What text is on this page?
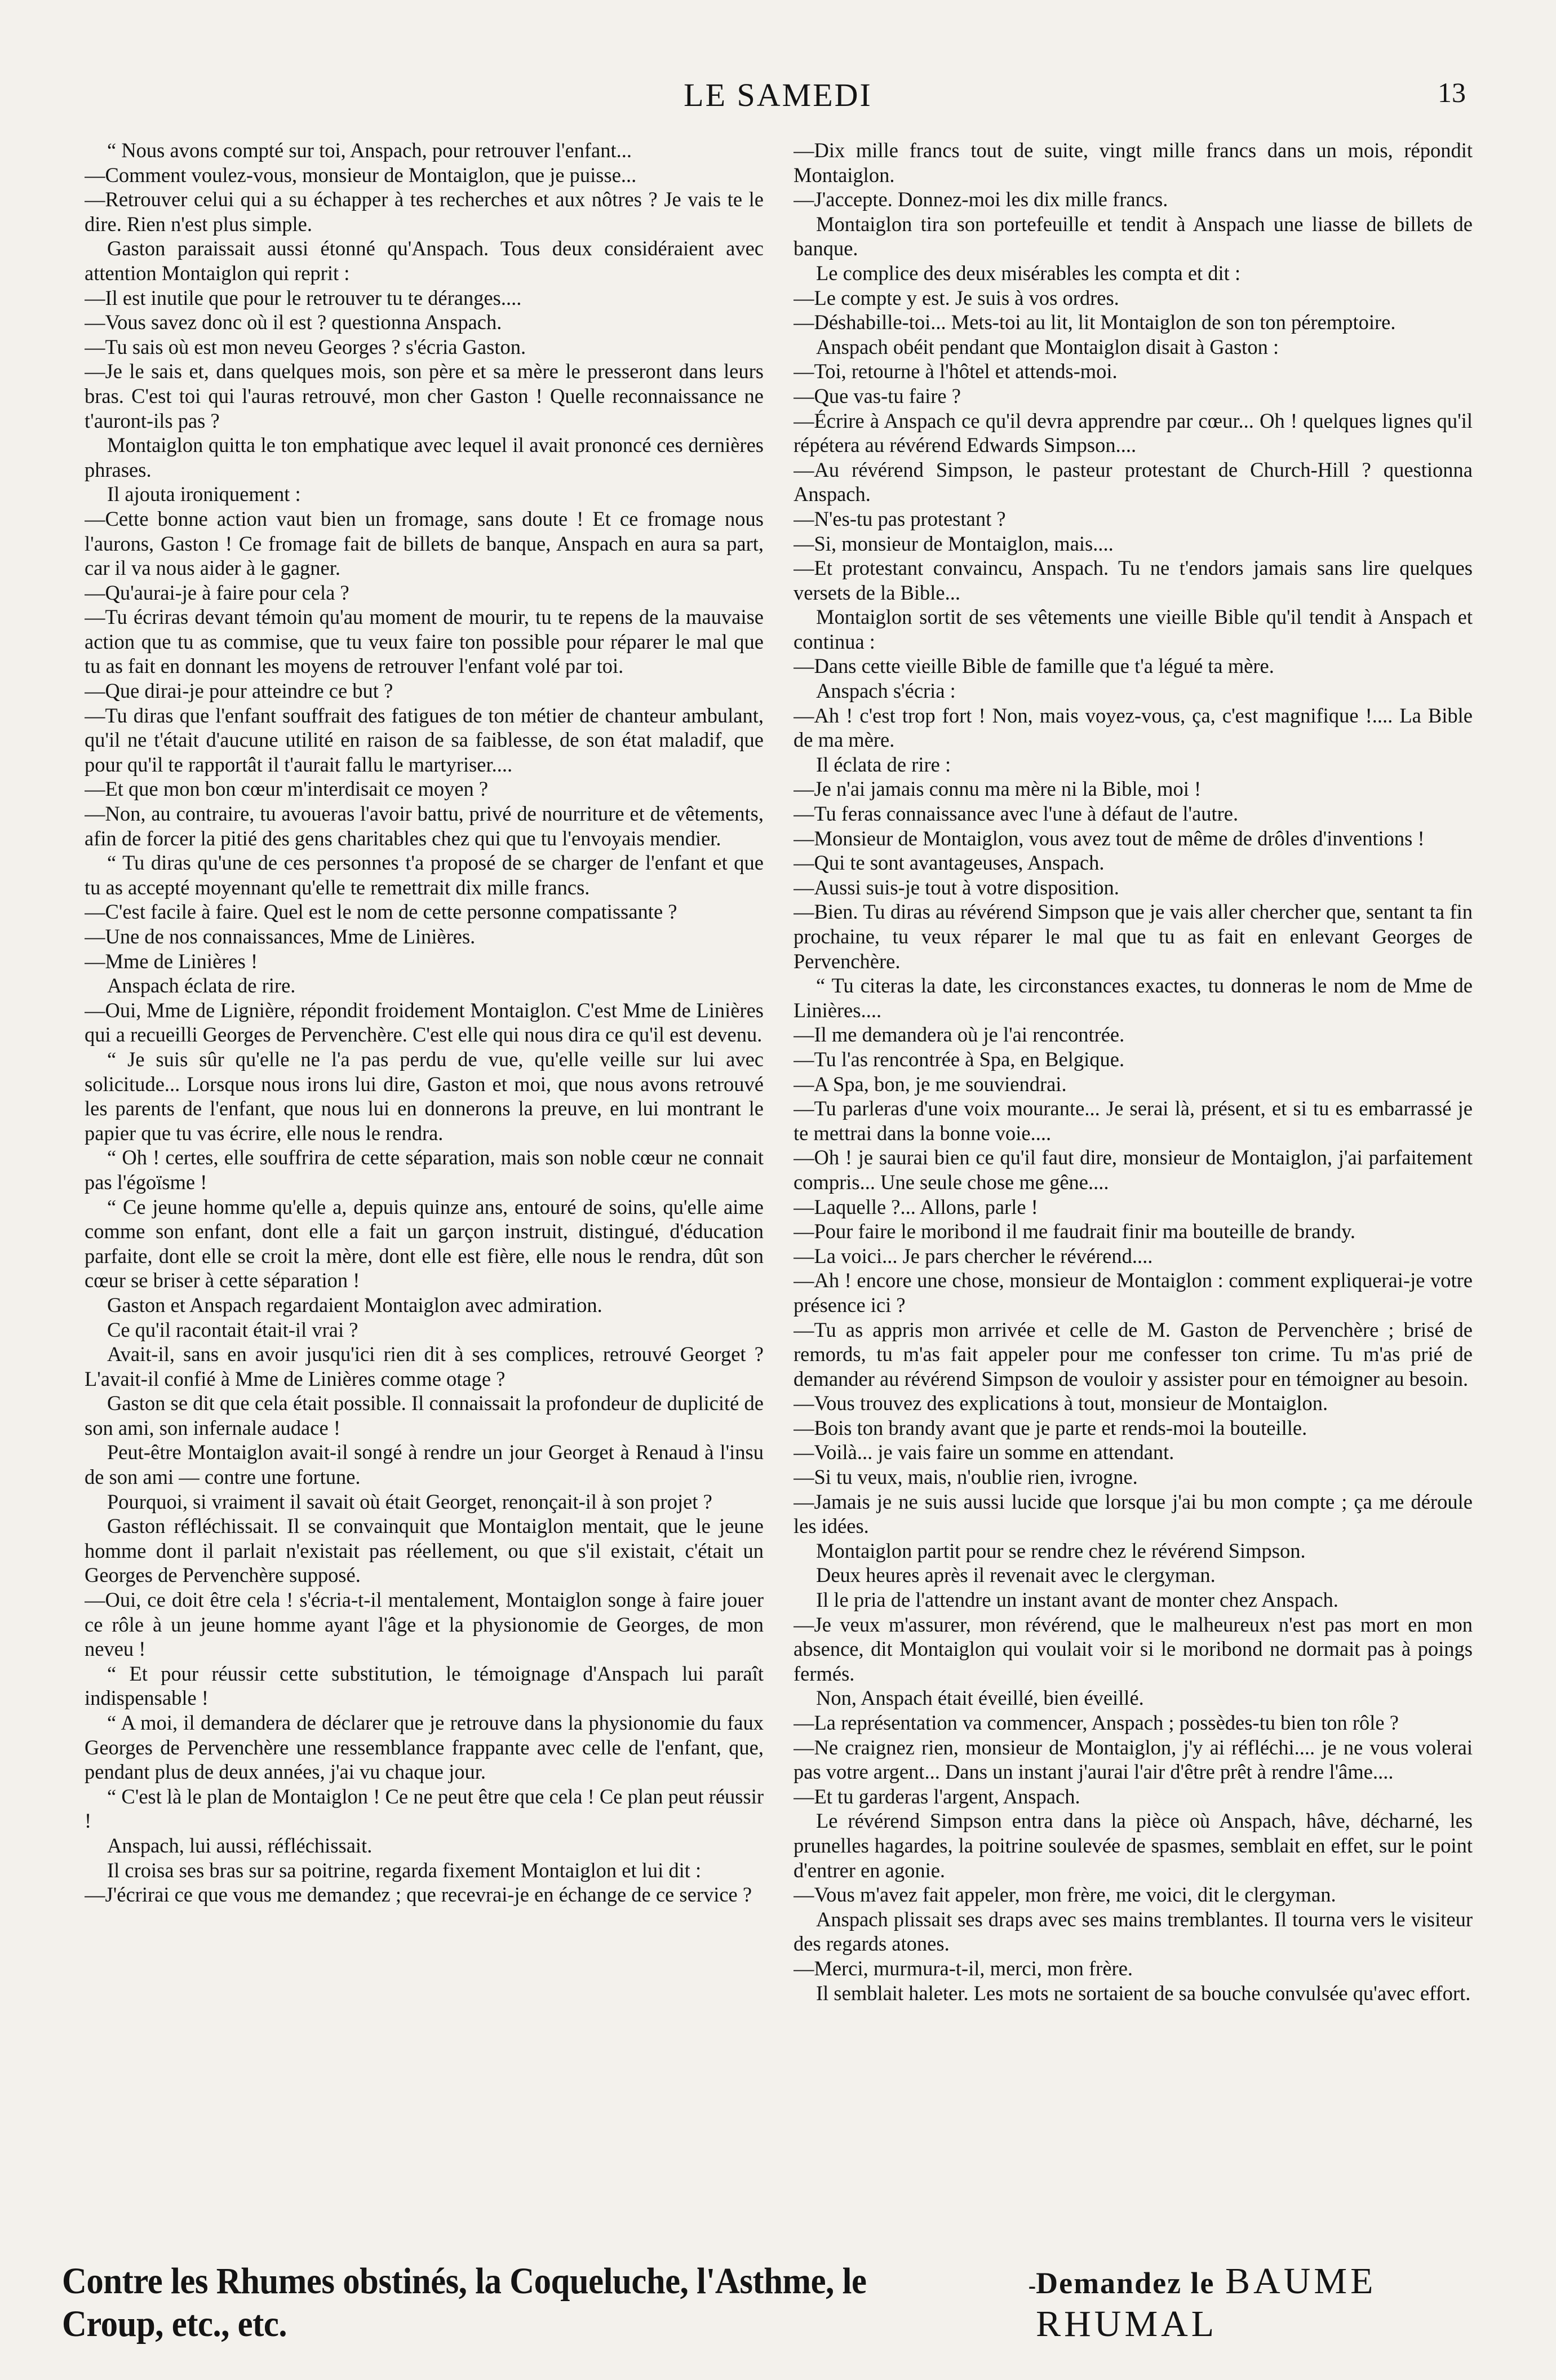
LE SAMEDI	13

“ Nous avons compté sur toi, Anspach, pour retrouver l'enfant...

—Comment voulez-vous, monsieur de Montaiglon, que je puisse...

—Retrouver celui qui a su échapper à tes recherches et aux nôtres ? Je vais te le dire. Rien n'est plus simple.

Gaston paraissait aussi étonné qu'Anspach. Tous deux considéraient avec attention Montaiglon qui reprit :

—Il est inutile que pour le retrouver tu te déranges....

—Vous savez donc où il est ? questionna Anspach.

—Tu sais où est mon neveu Georges ? s'écria Gaston.

—Je le sais et, dans quelques mois, son père et sa mère le presseront dans leurs bras. C'est toi qui l'auras retrouvé, mon cher Gaston ! Quelle reconnaissance ne t'auront-ils pas ?

Montaiglon quitta le ton emphatique avec lequel il avait prononcé ces dernières phrases.

Il ajouta ironiquement :

—Cette bonne action vaut bien un fromage, sans doute ! Et ce fromage nous l'aurons, Gaston ! Ce fromage fait de billets de banque, Anspach en aura sa part, car il va nous aider à le gagner.

—Qu'aurai-je à faire pour cela ?

—Tu écriras devant témoin qu'au moment de mourir, tu te repens de la mauvaise action que tu as commise, que tu veux faire ton possible pour réparer le mal que tu as fait en donnant les moyens de retrouver l'enfant volé par toi.

—Que dirai-je pour atteindre ce but ?

—Tu diras que l'enfant souffrait des fatigues de ton métier de chanteur ambulant, qu'il ne t'était d'aucune utilité en raison de sa faiblesse, de son état maladif, que pour qu'il te rapportât il t'aurait fallu le martyriser....

—Et que mon bon cœur m'interdisait ce moyen ?

—Non, au contraire, tu avoueras l'avoir battu, privé de nourriture et de vêtements, afin de forcer la pitié des gens charitables chez qui que tu l'envoyais mendier.

“ Tu diras qu'une de ces personnes t'a proposé de se charger de l'enfant et que tu as accepté moyennant qu'elle te remettrait dix mille francs.

—C'est facile à faire. Quel est le nom de cette personne compatissante ?

—Une de nos connaissances, Mme de Linières.

—Mme de Linières !

Anspach éclata de rire.

—Oui, Mme de Lignière, répondit froidement Montaiglon. C'est Mme de Linières qui a recueilli Georges de Pervenchère. C'est elle qui nous dira ce qu'il est devenu.

“ Je suis sûr qu'elle ne l'a pas perdu de vue, qu'elle veille sur lui avec solicitude... Lorsque nous irons lui dire, Gaston et moi, que nous avons retrouvé les parents de l'enfant, que nous lui en donnerons la preuve, en lui montrant le papier que tu vas écrire, elle nous le rendra.

“ Oh ! certes, elle souffrira de cette séparation, mais son noble cœur ne connait pas l'égoïsme !

“ Ce jeune homme qu'elle a, depuis quinze ans, entouré de soins, qu'elle aime comme son enfant, dont elle a fait un garçon instruit, distingué, d'éducation parfaite, dont elle se croit la mère, dont elle est fière, elle nous le rendra, dût son cœur se briser à cette séparation !

Gaston et Anspach regardaient Montaiglon avec admiration.

Ce qu'il racontait était-il vrai ?

Avait-il, sans en avoir jusqu'ici rien dit à ses complices, retrouvé Georget ? L'avait-il confié à Mme de Linières comme otage ?

Gaston se dit que cela était possible. Il connaissait la profondeur de duplicité de son ami, son infernale audace !

Peut-être Montaiglon avait-il songé à rendre un jour Georget à Renaud à l'insu de son ami — contre une fortune.

Pourquoi, si vraiment il savait où était Georget, renonçait-il à son projet ?

Gaston réfléchissait. Il se convainquit que Montaiglon mentait, que le jeune homme dont il parlait n'existait pas réellement, ou que s'il existait, c'était un Georges de Pervenchère supposé.

—Oui, ce doit être cela ! s'écria-t-il mentalement, Montaiglon songe à faire jouer ce rôle à un jeune homme ayant l'âge et la physionomie de Georges, de mon neveu !

“ Et pour réussir cette substitution, le témoignage d'Anspach lui paraît indispensable !

“ A moi, il demandera de déclarer que je retrouve dans la physionomie du faux Georges de Pervenchère une ressemblance frappante avec celle de l'enfant, que, pendant plus de deux années, j'ai vu chaque jour.

“ C'est là le plan de Montaiglon ! Ce ne peut être que cela ! Ce plan peut réussir !

Anspach, lui aussi, réfléchissait.

Il croisa ses bras sur sa poitrine, regarda fixement Montaiglon et lui dit :

—J'écrirai ce que vous me demandez ; que recevrai-je en échange de ce service ?

—Dix mille francs tout de suite, vingt mille francs dans un mois, répondit Montaiglon.

—J'accepte. Donnez-moi les dix mille francs.

Montaiglon tira son portefeuille et tendit à Anspach une liasse de billets de banque.

Le complice des deux misérables les compta et dit :

—Le compte y est. Je suis à vos ordres.

—Déshabille-toi... Mets-toi au lit, lit Montaiglon de son ton péremptoire.

Anspach obéit pendant que Montaiglon disait à Gaston :

—Toi, retourne à l'hôtel et attends-moi.

—Que vas-tu faire ?

—Écrire à Anspach ce qu'il devra apprendre par cœur... Oh ! quelques lignes qu'il répétera au révérend Edwards Simpson....

—Au révérend Simpson, le pasteur protestant de Church-Hill ? questionna Anspach.

—N'es-tu pas protestant ?

—Si, monsieur de Montaiglon, mais....

—Et protestant convaincu, Anspach. Tu ne t'endors jamais sans lire quelques versets de la Bible...

Montaiglon sortit de ses vêtements une vieille Bible qu'il tendit à Anspach et continua :

—Dans cette vieille Bible de famille que t'a légué ta mère.

Anspach s'écria :

—Ah ! c'est trop fort ! Non, mais voyez-vous, ça, c'est magnifique !.... La Bible de ma mère.

Il éclata de rire :

—Je n'ai jamais connu ma mère ni la Bible, moi !

—Tu feras connaissance avec l'une à défaut de l'autre.

—Monsieur de Montaiglon, vous avez tout de même de drôles d'inventions !

—Qui te sont avantageuses, Anspach.

—Aussi suis-je tout à votre disposition.

—Bien. Tu diras au révérend Simpson que je vais aller chercher que, sentant ta fin prochaine, tu veux réparer le mal que tu as fait en enlevant Georges de Pervenchère.

“ Tu citeras la date, les circonstances exactes, tu donneras le nom de Mme de Linières....

—Il me demandera où je l'ai rencontrée.

—Tu l'as rencontrée à Spa, en Belgique.

—A Spa, bon, je me souviendrai.

—Tu parleras d'une voix mourante... Je serai là, présent, et si tu es embarrassé je te mettrai dans la bonne voie....

—Oh ! je saurai bien ce qu'il faut dire, monsieur de Montaiglon, j'ai parfaitement compris... Une seule chose me gêne....

—Laquelle ?... Allons, parle !

—Pour faire le moribond il me faudrait finir ma bouteille de brandy.

—La voici... Je pars chercher le révérend....

—Ah ! encore une chose, monsieur de Montaiglon : comment expliquerai-je votre présence ici ?

—Tu as appris mon arrivée et celle de M. Gaston de Pervenchère ; brisé de remords, tu m'as fait appeler pour me confesser ton crime. Tu m'as prié de demander au révérend Simpson de vouloir y assister pour en témoigner au besoin.

—Vous trouvez des explications à tout, monsieur de Montaiglon.

—Bois ton brandy avant que je parte et rends-moi la bouteille.

—Voilà... je vais faire un somme en attendant.

—Si tu veux, mais, n'oublie rien, ivrogne.

—Jamais je ne suis aussi lucide que lorsque j'ai bu mon compte ; ça me déroule les idées.

Montaiglon partit pour se rendre chez le révérend Simpson.

Deux heures après il revenait avec le clergyman.

Il le pria de l'attendre un instant avant de monter chez Anspach.

—Je veux m'assurer, mon révérend, que le malheureux n'est pas mort en mon absence, dit Montaiglon qui voulait voir si le moribond ne dormait pas à poings fermés.

Non, Anspach était éveillé, bien éveillé.

—La représentation va commencer, Anspach ; possèdes-tu bien ton rôle ?

—Ne craignez rien, monsieur de Montaiglon, j'y ai réfléchi.... je ne vous volerai pas votre argent... Dans un instant j'aurai l'air d'être prêt à rendre l'âme....

—Et tu garderas l'argent, Anspach.

Le révérend Simpson entra dans la pièce où Anspach, hâve, décharné, les prunelles hagardes, la poitrine soulevée de spasmes, semblait en effet, sur le point d'entrer en agonie.

—Vous m'avez fait appeler, mon frère, me voici, dit le clergyman.

Anspach plissait ses draps avec ses mains tremblantes. Il tourna vers le visiteur des regards atones.

—Merci, murmura-t-il, merci, mon frère.

Il semblait haleter. Les mots ne sortaient de sa bouche convulsée qu'avec effort.

Contre les Rhumes obstinés, la Coqueluche, l'Asthme, le Croup, etc., etc.
- Demandez le BAUME RHUMAL
